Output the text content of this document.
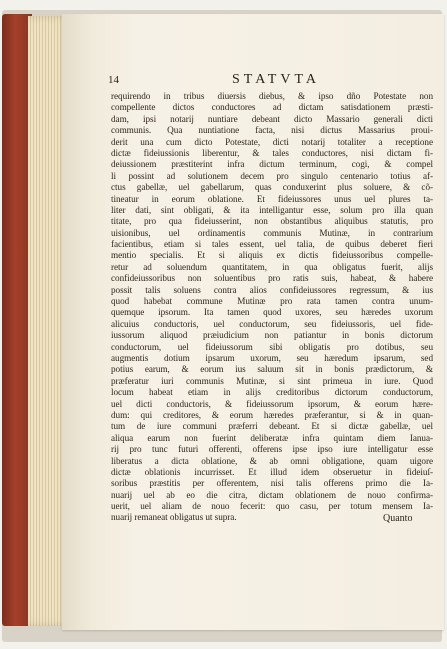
14	STATVTA
requirendo in tribus diuersis diebus, & ipso dño Potestate non
compellente dictos conductores ad dictam satisdationem præsti-
dam, ipsi notarij nuntiare debeant dicto Massario generali dicti
communis. Qua nuntiatione facta, nisi dictus Massarius proui-
derit una cum dicto Potestate, dicti notarij totaliter a receptione
dictæ fideiussionis liberentur, & tales conductores, nisi dictam fi-
deiussionem præstiterint infra dictum terminum, cogi, & compel
li possint ad solutionem decem pro singulo centenario totius af-
ctus gabellæ, uel gabellarum, quas conduxerint plus soluere, & cõ-
tineatur in eorum oblatione. Et fideiussores unus uel plures ta-
liter dati, sint obligati, & ita intelligantur esse, solum pro illa quan
titate, pro qua fideiusserint, non obstantibus aliquibus statutis, pro
uisionibus, uel ordinamentis communis Mutinæ, in contrarium
facientibus, etiam si tales essent, uel talia, de quibus deberet fieri
mentio specialis. Et si aliquis ex dictis fideiussoribus compelle-
retur ad soluendum quantitatem, in qua obligatus fuerit, alijs
confideiussoribus non soluentibus pro ratis suis, habeat, & habere
possit talis soluens contra alios confideiussores regressum, & ius
quod habebat commune Mutinæ pro rata tamen contra unum-
quemque ipsorum. Ita tamen quod uxores, seu hæredes uxorum
alicuius conductoris, uel conductorum, seu fideiussoris, uel fide-
iussorum aliquod præiudicium non patiantur in bonis dictorum
conductorum, uel fideiussorum sibi obligatis pro dotibus, seu
augmentis dotium ipsarum uxorum, seu hæredum ipsarum, sed
potius earum, & eorum ius saluum sit in bonis prædictorum, &
præferatur iuri communis Mutinæ, si sint primeua in iure. Quod
locum habeat etiam in alijs creditoribus dictorum conductorum,
uel dicti conductoris, & fideiussorum ipsorum, & eorum hære-
dum: qui creditores, & eorum hæredes præferantur, si & in quan-
tum de iure communi præferri debeant. Et si dictæ gabellæ, uel
aliqua earum non fuerint deliberatæ infra quintam diem Ianua-
rij pro tunc futuri offerenti, offerens ipse ipso iure intelligatur esse
liberatus a dicta oblatione, & ab omni obligatione, quam uigore
dictæ oblationis incurrisset. Et illud idem obseruetur in fideiuſ-
soribus præstitis per offerentem, nisi talis offerens primo die Ia-
nuarij uel ab eo die citra, dictam oblationem de nouo confirma-
uerit, uel aliam de nouo fecerit: quo casu, per totum mensem Ia-
nuarij remaneat obligatus ut supra.	Quanto
